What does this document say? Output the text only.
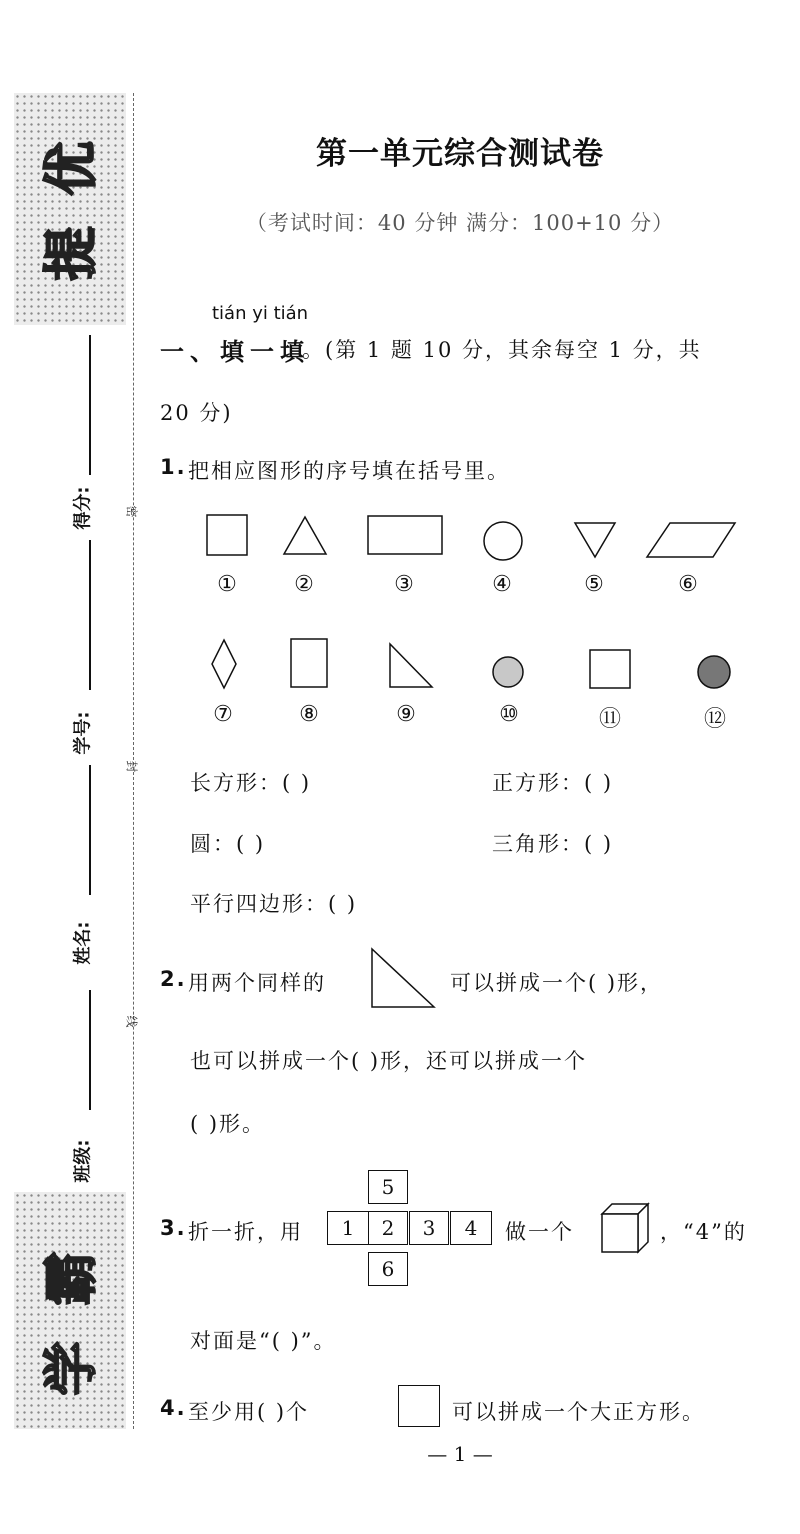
优
提
霸
学
得分:
学号:
姓名:
班级:
密
封
线
第一单元综合测试卷
（考试时间：40 分钟 满分：100+10 分）
tián yi tián
一、填一填
。(第 1 题 10 分，其余每空 1 分，共
20 分)
1. 把相应图形的序号填在括号里。
①	②	③	④	⑤	⑥
⑦	⑧	⑨	⑩	⑪	⑫
长方形：( )	正方形：( )
圆：( )	三角形：( )
平行四边形：( )
2. 用两个同样的	可以拼成一个( )形，
也可以拼成一个( )形，还可以拼成一个
( )形。
3. 折一折，用
5
1	2	3	4
6
做一个	，“4”的
对面是“( )”。
4. 至少用( )个	可以拼成一个大正方形。
— 1 —
